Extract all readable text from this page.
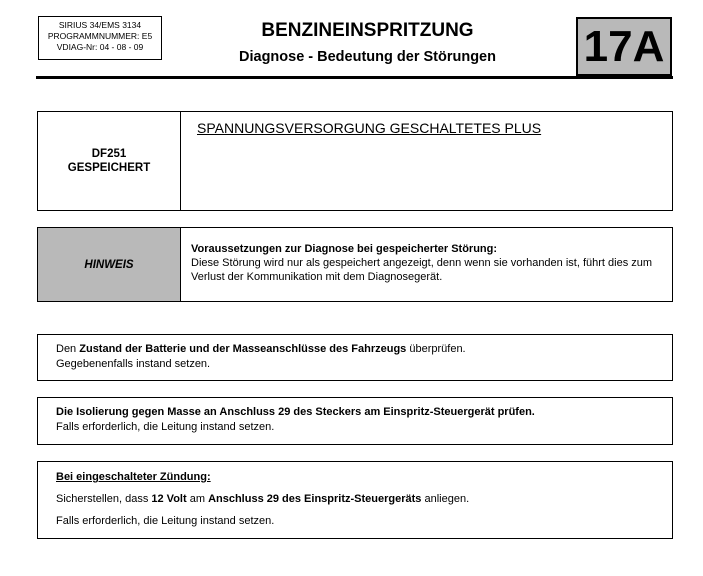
SIRIUS 34/EMS 3134
PROGRAMMNUMMER: E5
VDIAG-Nr: 04 - 08 - 09
BENZINEINSPRITZUNG
Diagnose - Bedeutung der Störungen	17A
DF251
GESPEICHERT
SPANNUNGSVERSORGUNG GESCHALTETES PLUS
HINWEIS
Voraussetzungen zur Diagnose bei gespeicherter Störung:
Diese Störung wird nur als gespeichert angezeigt, denn wenn sie vorhanden ist, führt dies zum Verlust der Kommunikation mit dem Diagnosegerät.
Den Zustand der Batterie und der Masseanschlüsse des Fahrzeugs überprüfen.
Gegebenenfalls instand setzen.
Die Isolierung gegen Masse an Anschluss 29 des Steckers am Einspritz-Steuergerät prüfen.
Falls erforderlich, die Leitung instand setzen.
Bei eingeschalteter Zündung:
Sicherstellen, dass 12 Volt am Anschluss 29 des Einspritz-Steuergeräts anliegen.
Falls erforderlich, die Leitung instand setzen.
